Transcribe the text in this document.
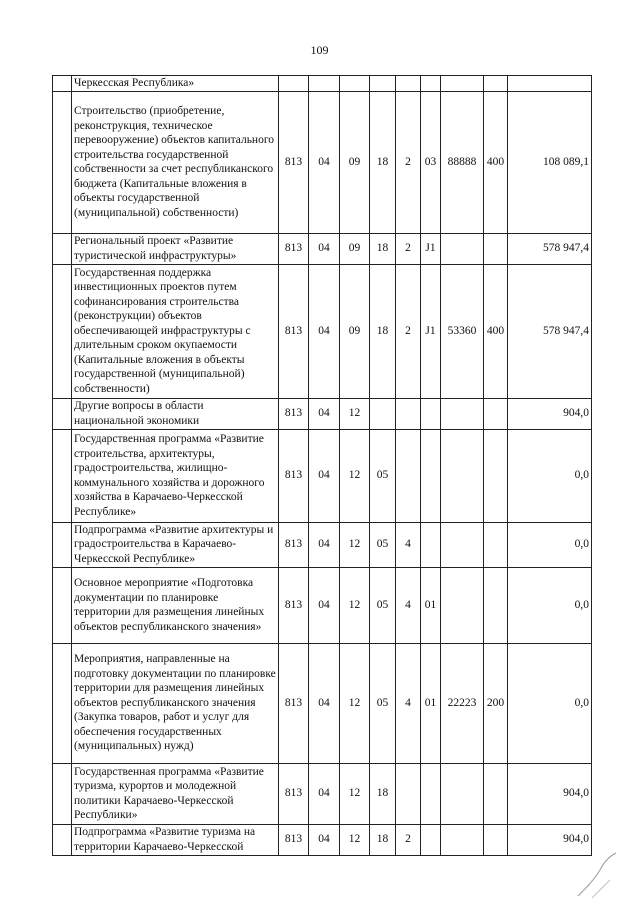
109
	Черкесская Республика»									
	Строительство (приобретение, реконструкция, техническое перевооружение) объектов капитального строительства государственной собственности за счет республиканского бюджета (Капитальные вложения в объекты государственной (муниципальной) собственности)	813	04	09	18	2	03	88888	400	108 089,1
	Региональный проект «Развитие туристической инфраструктуры»	813	04	09	18	2	J1			578 947,4
	Государственная поддержка инвестиционных проектов путем софинансирования строительства (реконструкции) объектов обеспечивающей инфраструктуры с длительным сроком окупаемости (Капитальные вложения в объекты государственной (муниципальной) собственности)	813	04	09	18	2	J1	53360	400	578 947,4
	Другие вопросы в области национальной экономики	813	04	12						904,0
	Государственная программа «Развитие строительства, архитектуры, градостроительства, жилищно-коммунального хозяйства и дорожного хозяйства в Карачаево-Черкесской Республике»	813	04	12	05					0,0
	Подпрограмма «Развитие архитектуры и градостроительства в Карачаево-Черкесской Республике»	813	04	12	05	4				0,0
	Основное мероприятие «Подготовка документации по планировке территории для размещения линейных объектов республиканского значения»	813	04	12	05	4	01			0,0
	Мероприятия, направленные на подготовку документации по планировке территории для размещения линейных объектов республиканского значения (Закупка товаров, работ и услуг для обеспечения государственных (муниципальных) нужд)	813	04	12	05	4	01	22223	200	0,0
	Государственная программа «Развитие туризма, курортов и молодежной политики Карачаево-Черкесской Республики»	813	04	12	18					904,0
	Подпрограмма «Развитие туризма на территории Карачаево-Черкесской	813	04	12	18	2				904,0
